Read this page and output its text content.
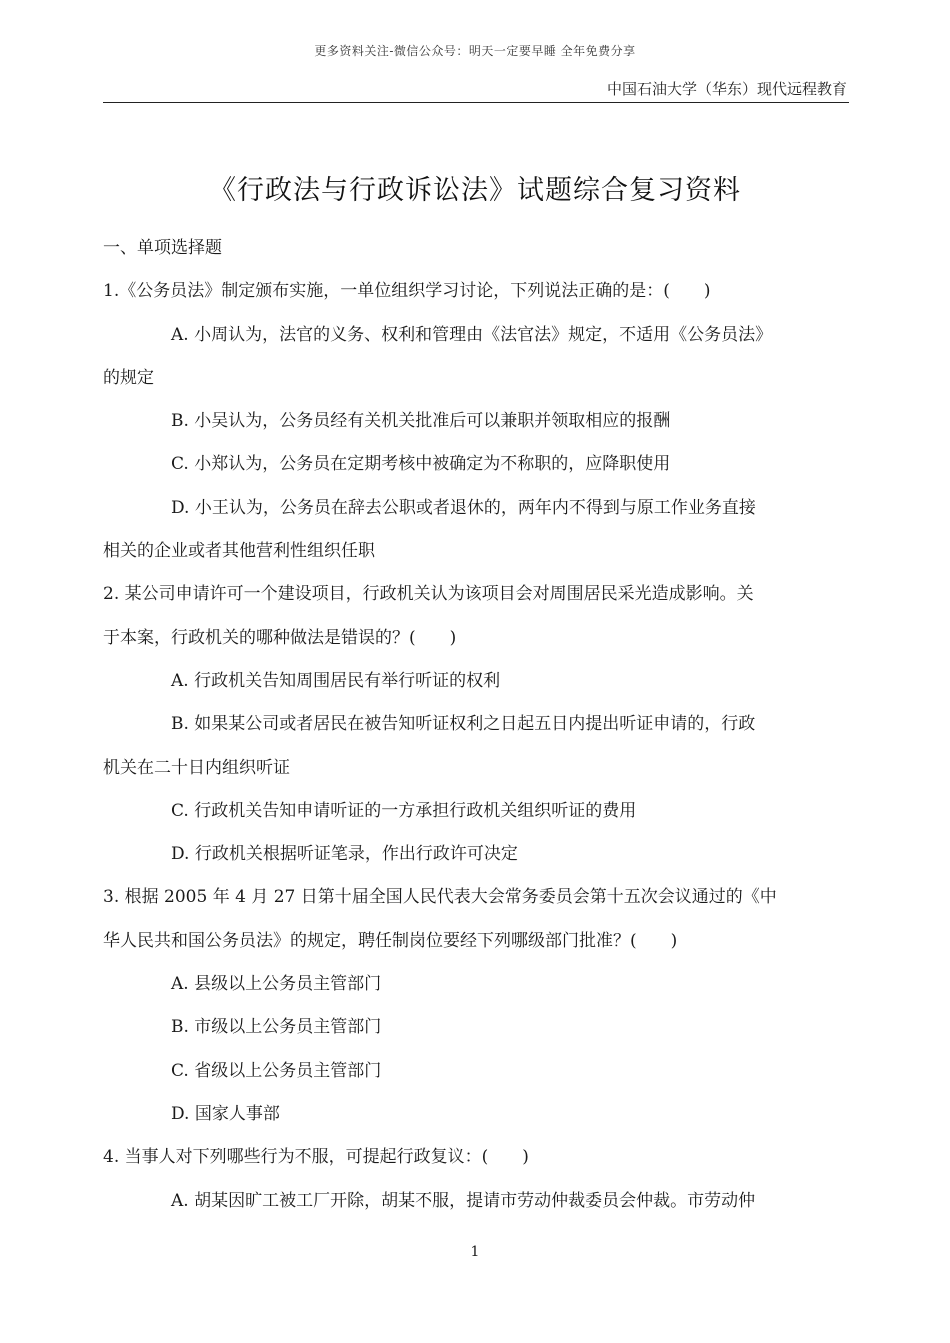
更多资料关注-微信公众号：明天一定要早睡 全年免费分享
中国石油大学（华东）现代远程教育
《行政法与行政诉讼法》试题综合复习资料
一、单项选择题
1.《公务员法》制定颁布实施，一单位组织学习讨论，下列说法正确的是：(　　)
A. 小周认为，法官的义务、权利和管理由《法官法》规定，不适用《公务员法》
的规定
B. 小吴认为，公务员经有关机关批准后可以兼职并领取相应的报酬
C. 小郑认为，公务员在定期考核中被确定为不称职的，应降职使用
D. 小王认为，公务员在辞去公职或者退休的，两年内不得到与原工作业务直接
相关的企业或者其他营利性组织任职
2. 某公司申请许可一个建设项目，行政机关认为该项目会对周围居民采光造成影响。关
于本案，行政机关的哪种做法是错误的？(　　)
A. 行政机关告知周围居民有举行听证的权利
B. 如果某公司或者居民在被告知听证权利之日起五日内提出听证申请的，行政
机关在二十日内组织听证
C. 行政机关告知申请听证的一方承担行政机关组织听证的费用
D. 行政机关根据听证笔录，作出行政许可决定
3. 根据 2005 年 4 月 27 日第十届全国人民代表大会常务委员会第十五次会议通过的《中
华人民共和国公务员法》的规定，聘任制岗位要经下列哪级部门批准？(　　)
A. 县级以上公务员主管部门
B. 市级以上公务员主管部门
C. 省级以上公务员主管部门
D. 国家人事部
4. 当事人对下列哪些行为不服，可提起行政复议：(　　)
A. 胡某因旷工被工厂开除，胡某不服，提请市劳动仲裁委员会仲裁。市劳动仲
1
